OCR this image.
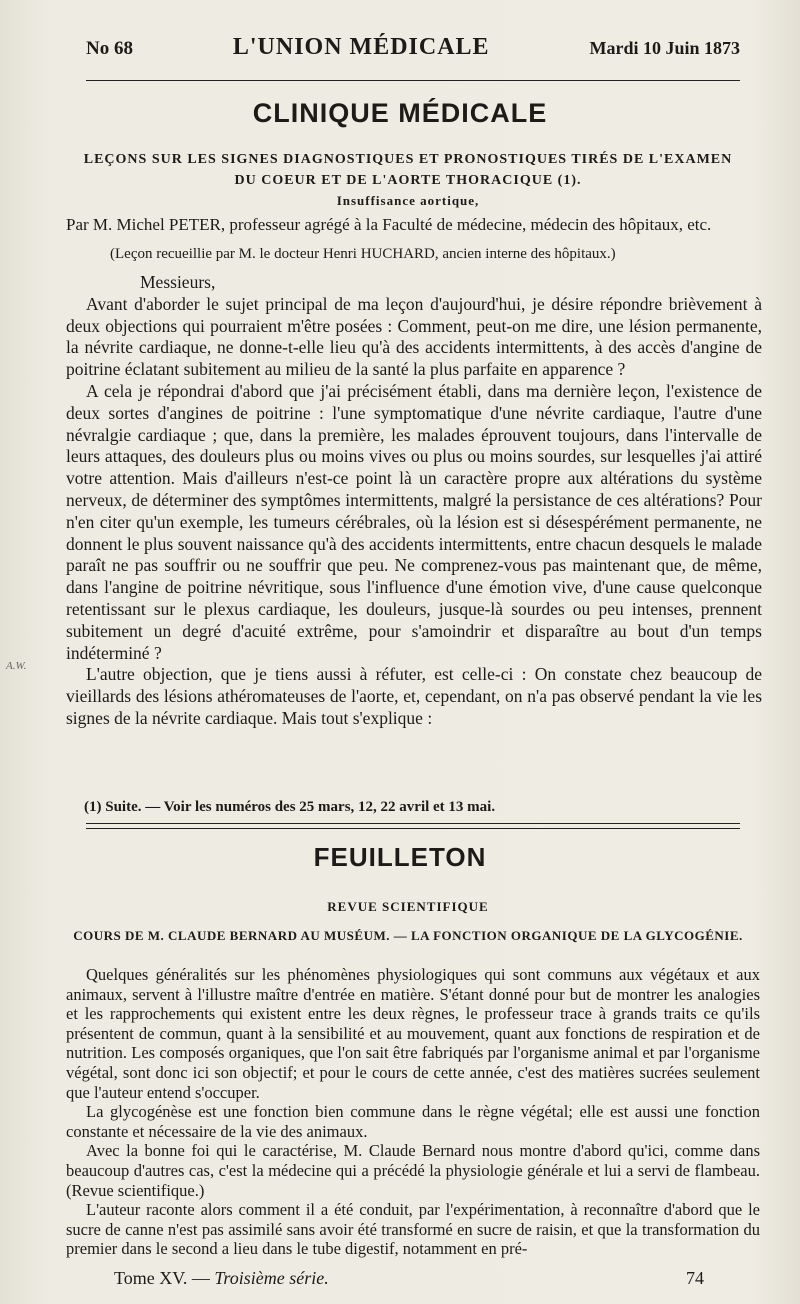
No 68	L'UNION MÉDICALE	Mardi 10 Juin 1873
CLINIQUE MÉDICALE
LEÇONS SUR LES SIGNES DIAGNOSTIQUES ET PRONOSTIQUES TIRÉS DE L'EXAMEN
DU COEUR ET DE L'AORTE THORACIQUE (1).
Insuffisance aortique,
Par M. Michel PETER, professeur agrégé à la Faculté de médecine, médecin des hôpitaux, etc.
(Leçon recueillie par M. le docteur Henri HUCHARD, ancien interne des hôpitaux.)

Messieurs,

Avant d'aborder le sujet principal de ma leçon d'aujourd'hui, je désire répondre brièvement à deux objections qui pourraient m'être posées : Comment, peut-on me dire, une lésion permanente, la névrite cardiaque, ne donne-t-elle lieu qu'à des accidents intermittents, à des accès d'angine de poitrine éclatant subitement au milieu de la santé la plus parfaite en apparence ?

A cela je répondrai d'abord que j'ai précisément établi, dans ma dernière leçon, l'existence de deux sortes d'angines de poitrine : l'une symptomatique d'une névrite cardiaque, l'autre d'une névralgie cardiaque ; que, dans la première, les malades éprouvent toujours, dans l'intervalle de leurs attaques, des douleurs plus ou moins vives ou plus ou moins sourdes, sur lesquelles j'ai attiré votre attention. Mais d'ailleurs n'est-ce point là un caractère propre aux altérations du système nerveux, de déterminer des symptômes intermittents, malgré la persistance de ces altérations? Pour n'en citer qu'un exemple, les tumeurs cérébrales, où la lésion est si désespérément permanente, ne donnent le plus souvent naissance qu'à des accidents intermittents, entre chacun desquels le malade paraît ne pas souffrir ou ne souffrir que peu. Ne comprenez-vous pas maintenant que, de même, dans l'angine de poitrine névritique, sous l'influence d'une émotion vive, d'une cause quelconque retentissant sur le plexus cardiaque, les douleurs, jusque-là sourdes ou peu intenses, prennent subitement un degré d'acuité extrême, pour s'amoindrir et disparaître au bout d'un temps indéterminé ?

L'autre objection, que je tiens aussi à réfuter, est celle-ci : On constate chez beaucoup de vieillards des lésions athéromateuses de l'aorte, et, cependant, on n'a pas observé pendant la vie les signes de la névrite cardiaque. Mais tout s'explique :

(1) Suite. — Voir les numéros des 25 mars, 12, 22 avril et 13 mai.
FEUILLETON
REVUE SCIENTIFIQUE
COURS DE M. CLAUDE BERNARD AU MUSÉUM. — LA FONCTION ORGANIQUE DE LA GLYCOGÉNIE.

Quelques généralités sur les phénomènes physiologiques qui sont communs aux végétaux et aux animaux, servent à l'illustre maître d'entrée en matière. S'étant donné pour but de montrer les analogies et les rapprochements qui existent entre les deux règnes, le professeur trace à grands traits ce qu'ils présentent de commun, quant à la sensibilité et au mouvement, quant aux fonctions de respiration et de nutrition. Les composés organiques, que l'on sait être fabriqués par l'organisme animal et par l'organisme végétal, sont donc ici son objectif; et pour le cours de cette année, c'est des matières sucrées seulement que l'auteur entend s'occuper.

La glycogénèse est une fonction bien commune dans le règne végétal; elle est aussi une fonction constante et nécessaire de la vie des animaux.

Avec la bonne foi qui le caractérise, M. Claude Bernard nous montre d'abord qu'ici, comme dans beaucoup d'autres cas, c'est la médecine qui a précédé la physiologie générale et lui a servi de flambeau. (Revue scientifique.)

L'auteur raconte alors comment il a été conduit, par l'expérimentation, à reconnaître d'abord que le sucre de canne n'est pas assimilé sans avoir été transformé en sucre de raisin, et que la transformation du premier dans le second a lieu dans le tube digestif, notamment en pré-

Tome XV. — Troisième série.	74
A.W.
